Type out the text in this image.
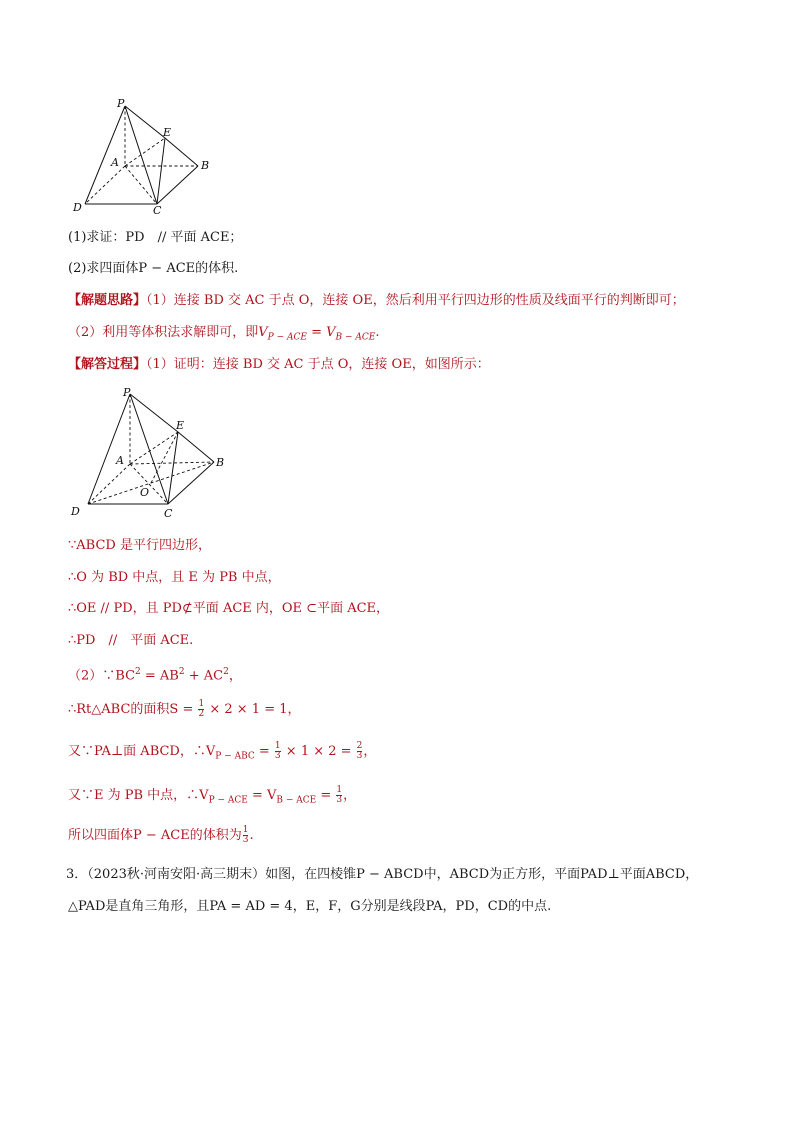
P
E
A	B
D	C
(1)求证：PD　// 平面 ACE；
(2)求四面体P − ACE的体积.
【解题思路】（1）连接 BD 交 AC 于点 O，连接 OE，然后利用平行四边形的性质及线面平行的判断即可；
（2）利用等体积法求解即可，即$V_{P - ACE} = V_{B - ACE}$.
【解答过程】（1）证明：连接 BD 交 AC 于点 O，连接 OE，如图所示：
P
E
A	B
O
D	C
∵ABCD 是平行四边形，
∴O 为 BD 中点，且 E 为 PB 中点，
∴OE // PD，且 PD⊄平面 ACE 内，OE ⊂平面 ACE，
∴PD　//　平面 ACE.
$(2)\because BC^2 = AB^2 + AC^2$，
∴Rt△ABC的面积$S = \frac{1}{2} \times 2 \times 1 = 1$，
又∵PA⊥面 ABCD，$\therefore V_{P - ABC} = \frac{1}{3} \times 1 \times 2 = \frac{2}{3}$ ，
又∵E 为 PB 中点，$\therefore V_{P - ACE} = V_{B - ACE} = \frac{1}{3}$ ，
所以四面体P − ACE的体积为 $\frac{1}{3}$ .
3．（2023秋·河南安阳·高三期末）如图，在四棱锥P − ABCD中，ABCD为正方形，平面PAD⊥平面ABCD，
△PAD是直角三角形，且PA = AD = 4，E，F，G分别是线段PA，PD，CD的中点.
